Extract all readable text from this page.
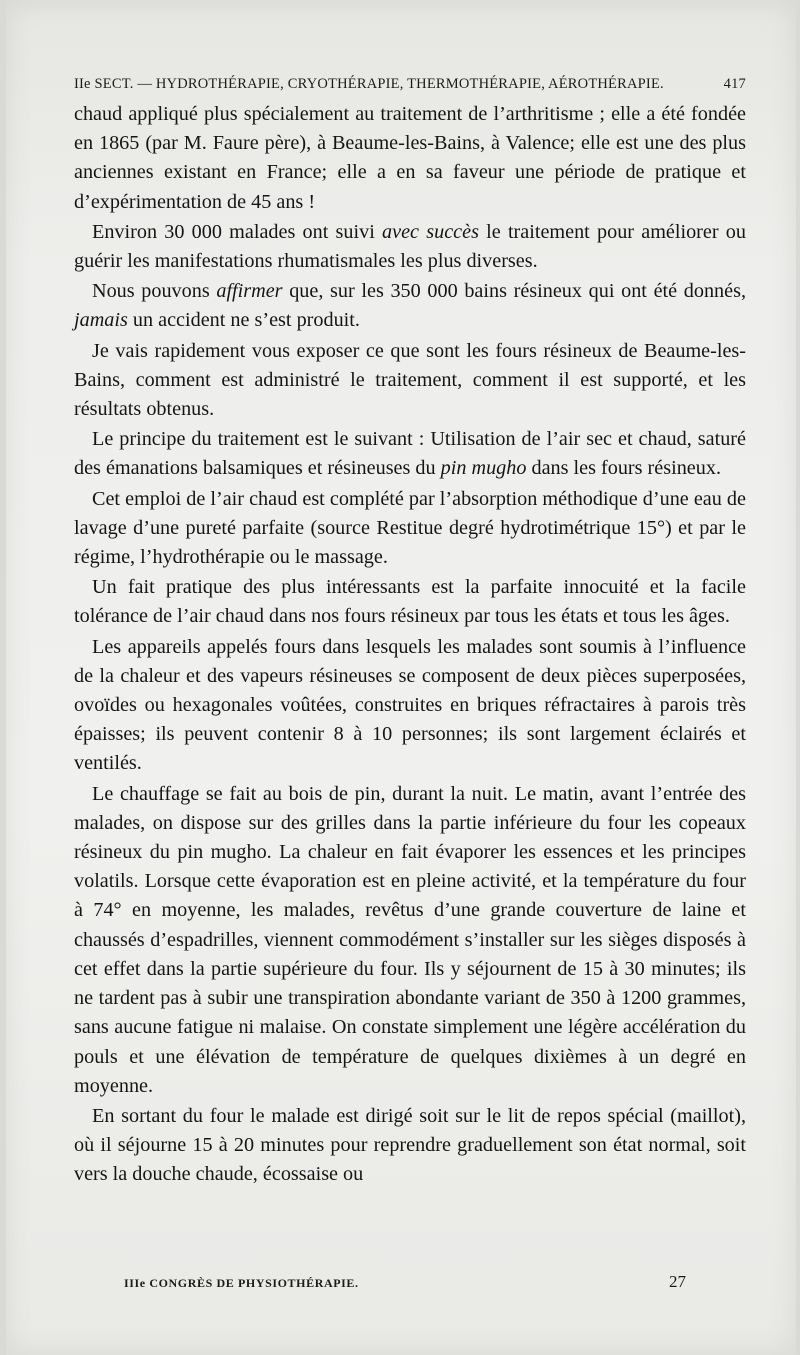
IIe SECT. — HYDROTHÉRAPIE, CRYOTHÉRAPIE, THERMOTHÉRAPIE, AÉROTHÉRAPIE.	417

chaud appliqué plus spécialement au traitement de l’arthritisme ; elle a été fondée en 1865 (par M. Faure père), à Beaume-les-Bains, à Valence; elle est une des plus anciennes existant en France; elle a en sa faveur une période de pratique et d’expérimentation de 45 ans !

Environ 30 000 malades ont suivi avec succès le traitement pour améliorer ou guérir les manifestations rhumatismales les plus diverses.

Nous pouvons affirmer que, sur les 350 000 bains résineux qui ont été donnés, jamais un accident ne s’est produit.

Je vais rapidement vous exposer ce que sont les fours résineux de Beaume-les-Bains, comment est administré le traitement, comment il est supporté, et les résultats obtenus.

Le principe du traitement est le suivant : Utilisation de l’air sec et chaud, saturé des émanations balsamiques et résineuses du pin mugho dans les fours résineux.

Cet emploi de l’air chaud est complété par l’absorption méthodique d’une eau de lavage d’une pureté parfaite (source Restitue degré hydrotimétrique 15°) et par le régime, l’hydrothérapie ou le massage.

Un fait pratique des plus intéressants est la parfaite innocuité et la facile tolérance de l’air chaud dans nos fours résineux par tous les états et tous les âges.

Les appareils appelés fours dans lesquels les malades sont soumis à l’influence de la chaleur et des vapeurs résineuses se composent de deux pièces superposées, ovoïdes ou hexagonales voûtées, construites en briques réfractaires à parois très épaisses; ils peuvent contenir 8 à 10 personnes; ils sont largement éclairés et ventilés.

Le chauffage se fait au bois de pin, durant la nuit. Le matin, avant l’entrée des malades, on dispose sur des grilles dans la partie inférieure du four les copeaux résineux du pin mugho. La chaleur en fait évaporer les essences et les principes volatils. Lorsque cette évaporation est en pleine activité, et la température du four à 74° en moyenne, les malades, revêtus d’une grande couverture de laine et chaussés d’espadrilles, viennent commodément s’installer sur les sièges disposés à cet effet dans la partie supérieure du four. Ils y séjournent de 15 à 30 minutes; ils ne tardent pas à subir une transpiration abondante variant de 350 à 1200 grammes, sans aucune fatigue ni malaise. On constate simplement une légère accélération du pouls et une élévation de température de quelques dixièmes à un degré en moyenne.

En sortant du four le malade est dirigé soit sur le lit de repos spécial (maillot), où il séjourne 15 à 20 minutes pour reprendre graduellement son état normal, soit vers la douche chaude, écossaise ou

IIIe CONGRÈS DE PHYSIOTHÉRAPIE.	27
